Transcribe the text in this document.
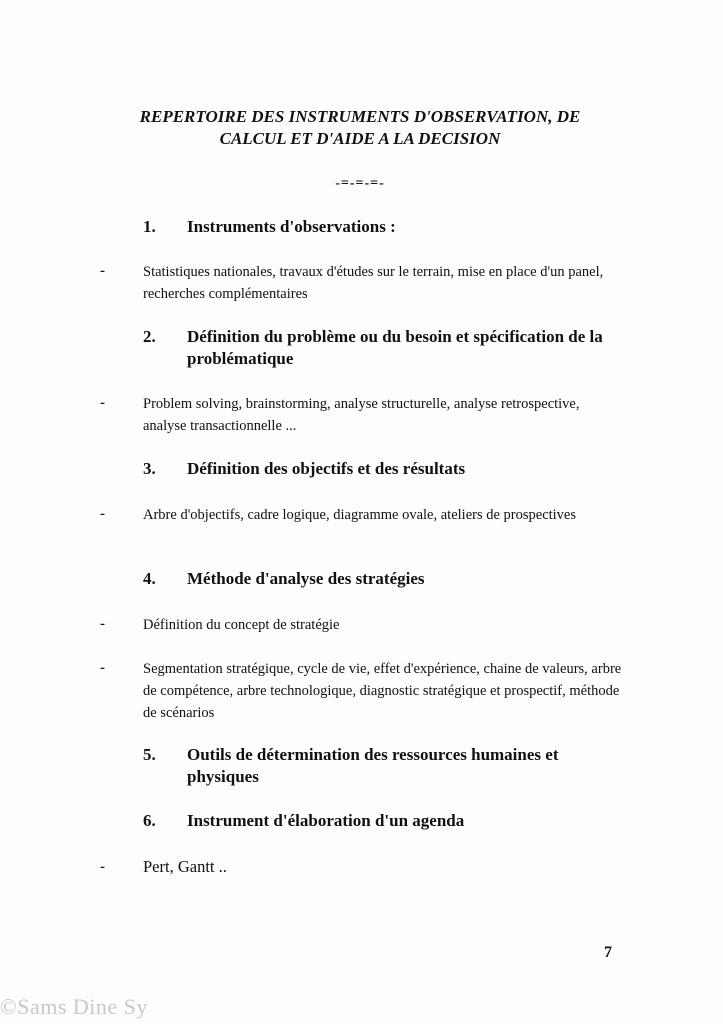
REPERTOIRE DES INSTRUMENTS D'OBSERVATION, DE
CALCUL ET D'AIDE A LA DECISION
-=-=-=-
1. Instruments d'observations :
-	Statistiques nationales, travaux d'études sur le terrain, mise en place d'un panel, recherches complémentaires
2. Définition du problème ou du besoin et spécification de la problématique
-	Problem solving, brainstorming, analyse structurelle, analyse retrospective, analyse transactionnelle ...
3. Définition des objectifs et des résultats
-	Arbre d'objectifs, cadre logique, diagramme ovale, ateliers de prospectives
4. Méthode d'analyse des stratégies
-	Définition du concept de stratégie
-	Segmentation stratégique, cycle de vie, effet d'expérience, chaine de valeurs, arbre de compétence, arbre technologique, diagnostic stratégique et prospectif, méthode de scénarios
5. Outils de détermination des ressources humaines et physiques
6. Instrument d'élaboration d'un agenda
- Pert, Gantt ..
7
©Sams Dine Sy
